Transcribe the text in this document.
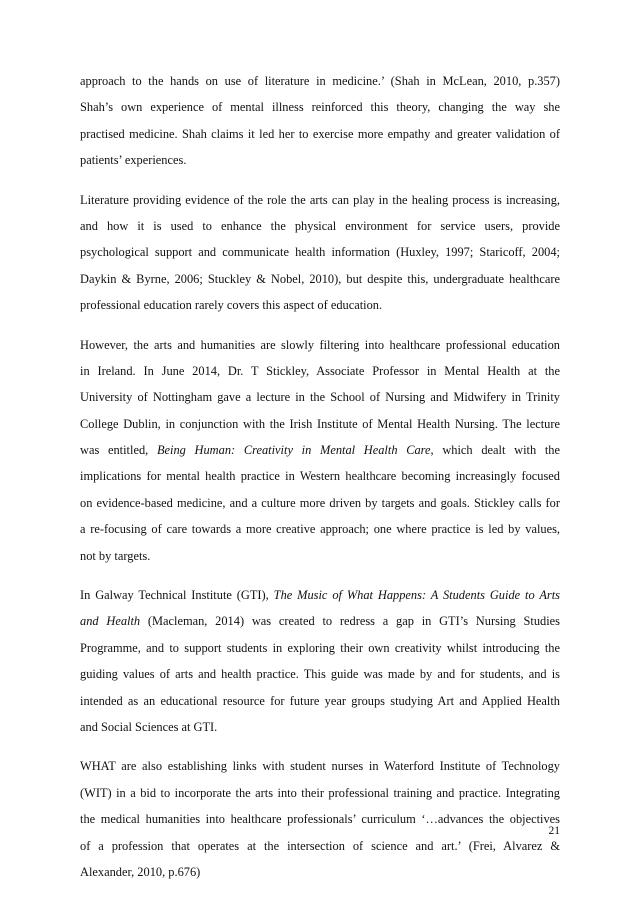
approach to the hands on use of literature in medicine.’ (Shah in McLean, 2010, p.357)
Shah’s own experience of mental illness reinforced this theory, changing the way she
practised medicine. Shah claims it led her to exercise more empathy and greater validation of
patients’ experiences.
Literature providing evidence of the role the arts can play in the healing process is increasing,
and how it is used to enhance the physical environment for service users, provide
psychological support and communicate health information (Huxley, 1997; Staricoff, 2004;
Daykin & Byrne, 2006; Stuckley & Nobel, 2010), but despite this, undergraduate healthcare
professional education rarely covers this aspect of education.
However, the arts and humanities are slowly filtering into healthcare professional education
in Ireland. In June 2014, Dr. T Stickley, Associate Professor in Mental Health at the
University of Nottingham gave a lecture in the School of Nursing and Midwifery in Trinity
College Dublin, in conjunction with the Irish Institute of Mental Health Nursing. The lecture
was entitled, Being Human: Creativity in Mental Health Care, which dealt with the
implications for mental health practice in Western healthcare becoming increasingly focused
on evidence-based medicine, and a culture more driven by targets and goals. Stickley calls for
a re-focusing of care towards a more creative approach; one where practice is led by values,
not by targets.
In Galway Technical Institute (GTI), The Music of What Happens: A Students Guide to Arts
and Health (Macleman, 2014) was created to redress a gap in GTI’s Nursing Studies
Programme, and to support students in exploring their own creativity whilst introducing the
guiding values of arts and health practice. This guide was made by and for students, and is
intended as an educational resource for future year groups studying Art and Applied Health
and Social Sciences at GTI.
WHAT are also establishing links with student nurses in Waterford Institute of Technology
(WIT) in a bid to incorporate the arts into their professional training and practice. Integrating
the medical humanities into healthcare professionals’ curriculum ‘…advances the objectives
of a profession that operates at the intersection of science and art.’ (Frei, Alvarez &
Alexander, 2010, p.676)
21
